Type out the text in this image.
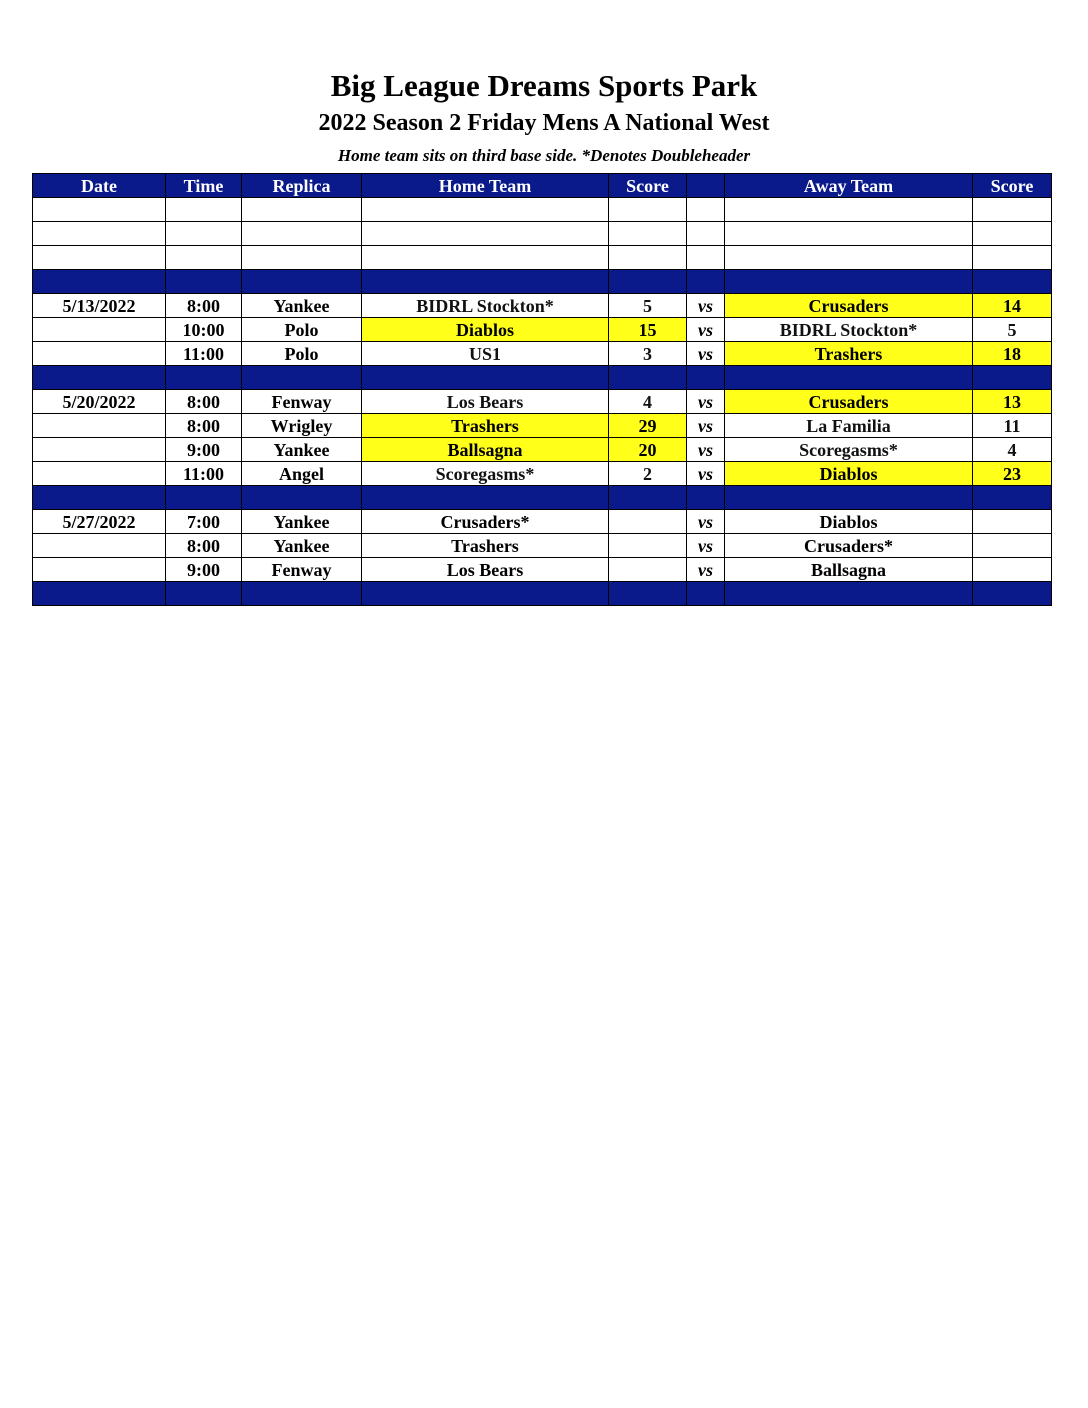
Big League Dreams Sports Park
2022 Season 2 Friday Mens A National West
Home team sits on third base side. *Denotes Doubleheader
Date	Time	Replica	Home Team	Score		Away Team	Score

5/13/2022	8:00	Yankee	BIDRL Stockton*	5	vs	Crusaders	14
	10:00	Polo	Diablos	15	vs	BIDRL Stockton*	5
	11:00	Polo	US1	3	vs	Trashers	18

5/20/2022	8:00	Fenway	Los Bears	4	vs	Crusaders	13
	8:00	Wrigley	Trashers	29	vs	La Familia	11
	9:00	Yankee	Ballsagna	20	vs	Scoregasms*	4
	11:00	Angel	Scoregasms*	2	vs	Diablos	23

5/27/2022	7:00	Yankee	Crusaders*		vs	Diablos	
	8:00	Yankee	Trashers		vs	Crusaders*	
	9:00	Fenway	Los Bears		vs	Ballsagna	
